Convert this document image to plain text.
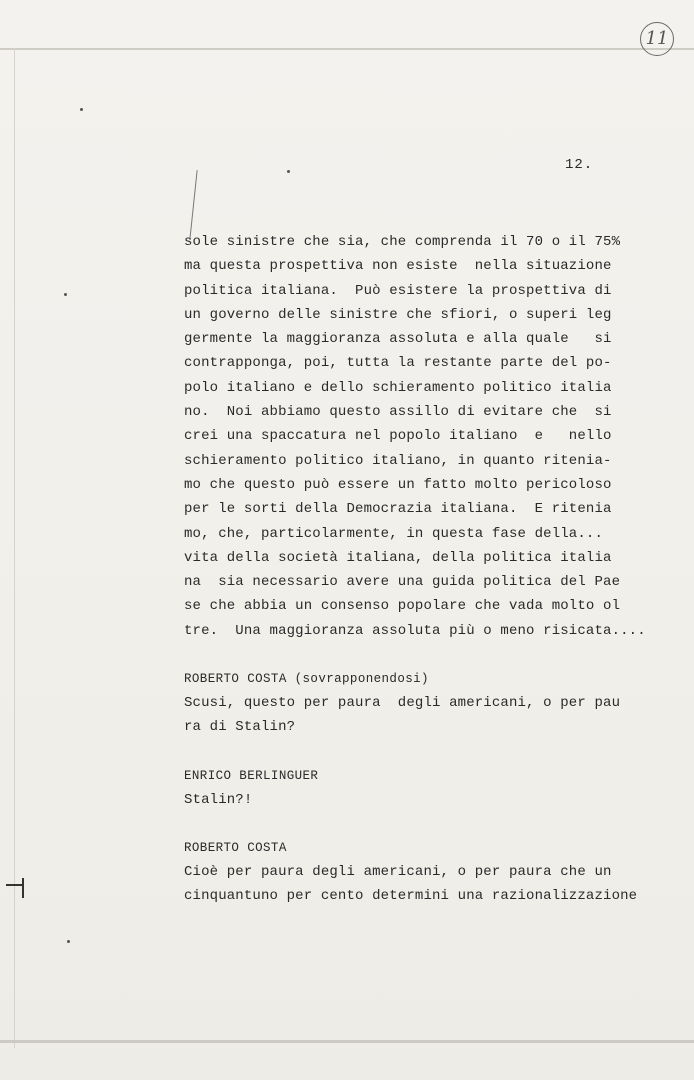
11
12.
sole sinistre che sia, che comprenda il 70 o il 75%
ma questa prospettiva non esiste  nella situazione
politica italiana.  Può esistere la prospettiva di
un governo delle sinistre che sfiori, o superi leg
germente la maggioranza assoluta e alla quale   si
contrapponga, poi, tutta la restante parte del po-
polo italiano e dello schieramento politico italia
no.  Noi abbiamo questo assillo di evitare che  si
crei una spaccatura nel popolo italiano  e   nello
schieramento politico italiano, in quanto ritenia-
mo che questo può essere un fatto molto pericoloso
per le sorti della Democrazia italiana.  E ritenia
mo, che, particolarmente, in questa fase della...
vita della società italiana, della politica italia
na  sia necessario avere una guida politica del Pae
se che abbia un consenso popolare che vada molto ol
tre.  Una maggioranza assoluta più o meno risicata....
ROBERTO COSTA (sovrapponendosi)
Scusi, questo per paura  degli americani, o per pau
ra di Stalin?
ENRICO BERLINGUER
Stalin?!
ROBERTO COSTA
Cioè per paura degli americani, o per paura che un
cinquantuno per cento determini una razionalizzazione
